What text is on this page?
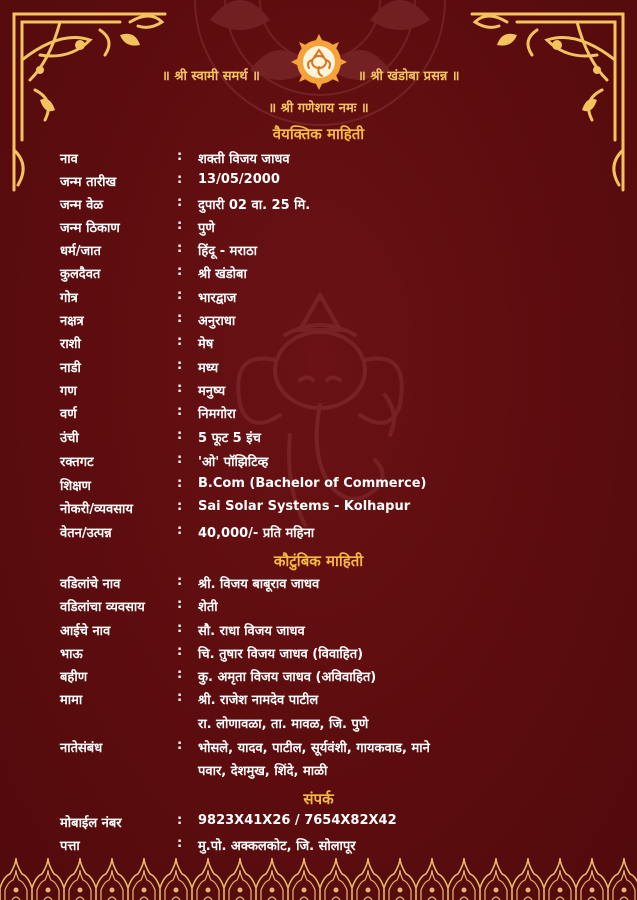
॥ श्री स्वामी समर्थ ॥	॥ श्री खंडोबा प्रसन्न ॥
॥ श्री गणेशाय नमः ॥
वैयक्तिक माहिती
नाव	: शक्ती विजय जाधव
जन्म तारीख	: 13/05/2000
जन्म वेळ	: दुपारी 02 वा. 25 मि.
जन्म ठिकाण	: पुणे
धर्म/जात	: हिंदू - मराठा
कुलदैवत	: श्री खंडोबा
गोत्र	: भारद्वाज
नक्षत्र	: अनुराधा
राशी	: मेष
नाडी	: मध्य
गण	: मनुष्य
वर्ण	: निमगोरा
उंची	: 5 फूट 5 इंच
रक्तगट	: 'ओ' पॉझिटिव्ह
शिक्षण	: B.Com (Bachelor of Commerce)
नोकरी/व्यवसाय	: Sai Solar Systems - Kolhapur
वेतन/उत्पन्न	: 40,000/- प्रति महिना
कौटुंबिक माहिती
वडिलांचे नाव	: श्री. विजय बाबूराव जाधव
वडिलांचा व्यवसाय : शेती
आईचे नाव	: सौ. राधा विजय जाधव
भाऊ	: चि. तुषार विजय जाधव (विवाहित)
बहीण	: कु. अमृता विजय जाधव (अविवाहित)
मामा	: श्री. राजेश नामदेव पाटील
रा. लोणावळा, ता. मावळ, जि. पुणे
नातेसंबंध	: भोसले, यादव, पाटील, सूर्यवंशी, गायकवाड, माने
पवार, देशमुख, शिंदे, माळी
संपर्क
मोबाईल नंबर	: 9823X41X26 / 7654X82X42
पत्ता	: मु.पो. अक्कलकोट, जि. सोलापूर
